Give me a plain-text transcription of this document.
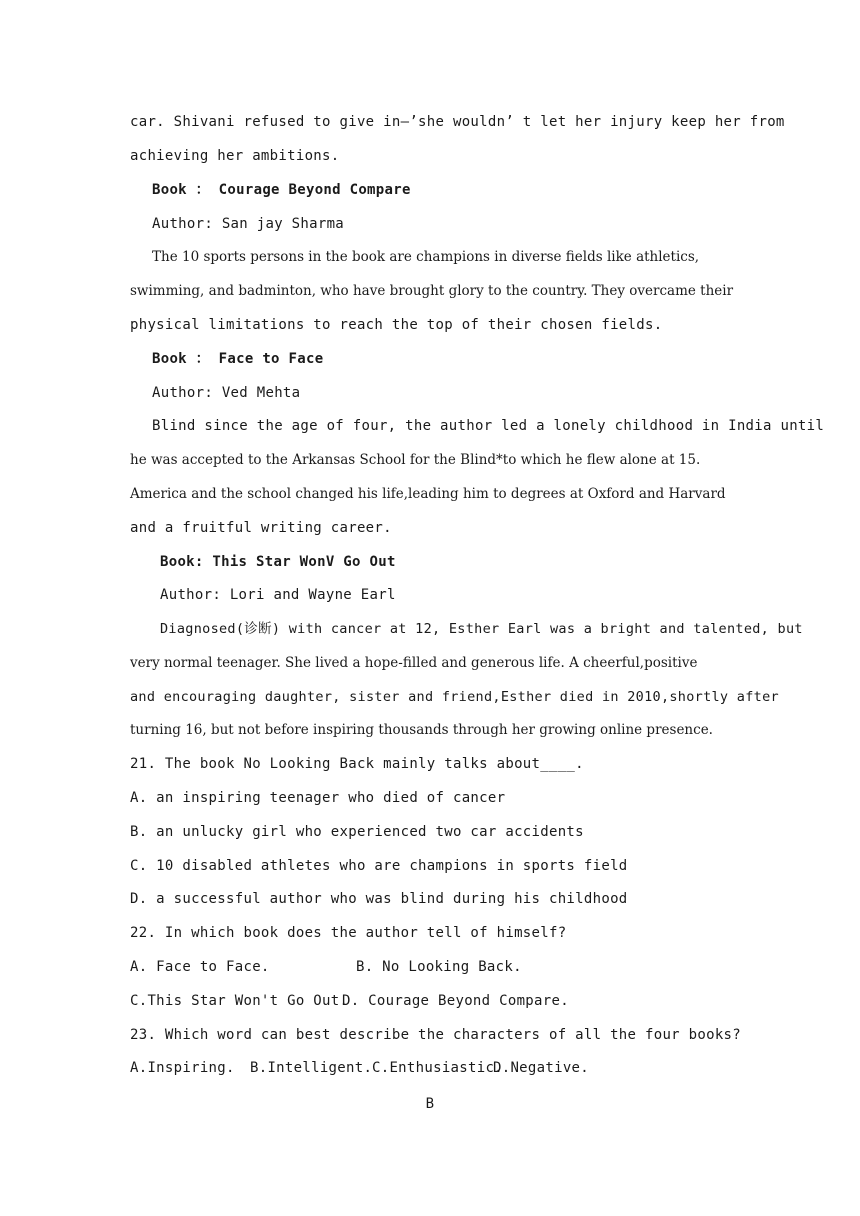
car. Shivani refused to give in—’she wouldn’ t let her injury keep her from
achieving her ambitions.
Book ： Courage Beyond Compare
Author: San jay Sharma
The 10 sports persons in the book are champions in diverse fields like athletics,
swimming, and badminton, who have brought glory to the country. They overcame their
physical limitations to reach the top of their chosen fields.
Book ： Face to Face
Author: Ved Mehta
Blind since the age of four, the author led a lonely childhood in India until
he was accepted to the Arkansas School for the Blind*to which he flew alone at 15.
America and the school changed his life,leading him to degrees at Oxford and Harvard
and a fruitful writing career.
Book: This Star WonV Go Out
Author: Lori and Wayne Earl
Diagnosed(诊断) with cancer at 12, Esther Earl was a bright and talented, but
very normal teenager. She lived a hope-filled and generous life. A cheerful,positive
and encouraging daughter, sister and friend,Esther died in 2010,shortly after
turning 16, but not before inspiring thousands through her growing online presence.
21. The book No Looking Back mainly talks about____.
A. an inspiring teenager who died of cancer
B. an unlucky girl who experienced two car accidents
C. 10 disabled athletes who are champions in sports field
D. a successful author who was blind during his childhood
22. In which book does the author tell of himself?
A. Face to Face.	B. No Looking Back.
C.This Star Won't Go Out.
D. Courage Beyond Compare.
23. Which word can best describe the characters of all the four books?
A.Inspiring. B.Intelligent. C.Enthusiastic.
D.Negative.
B
